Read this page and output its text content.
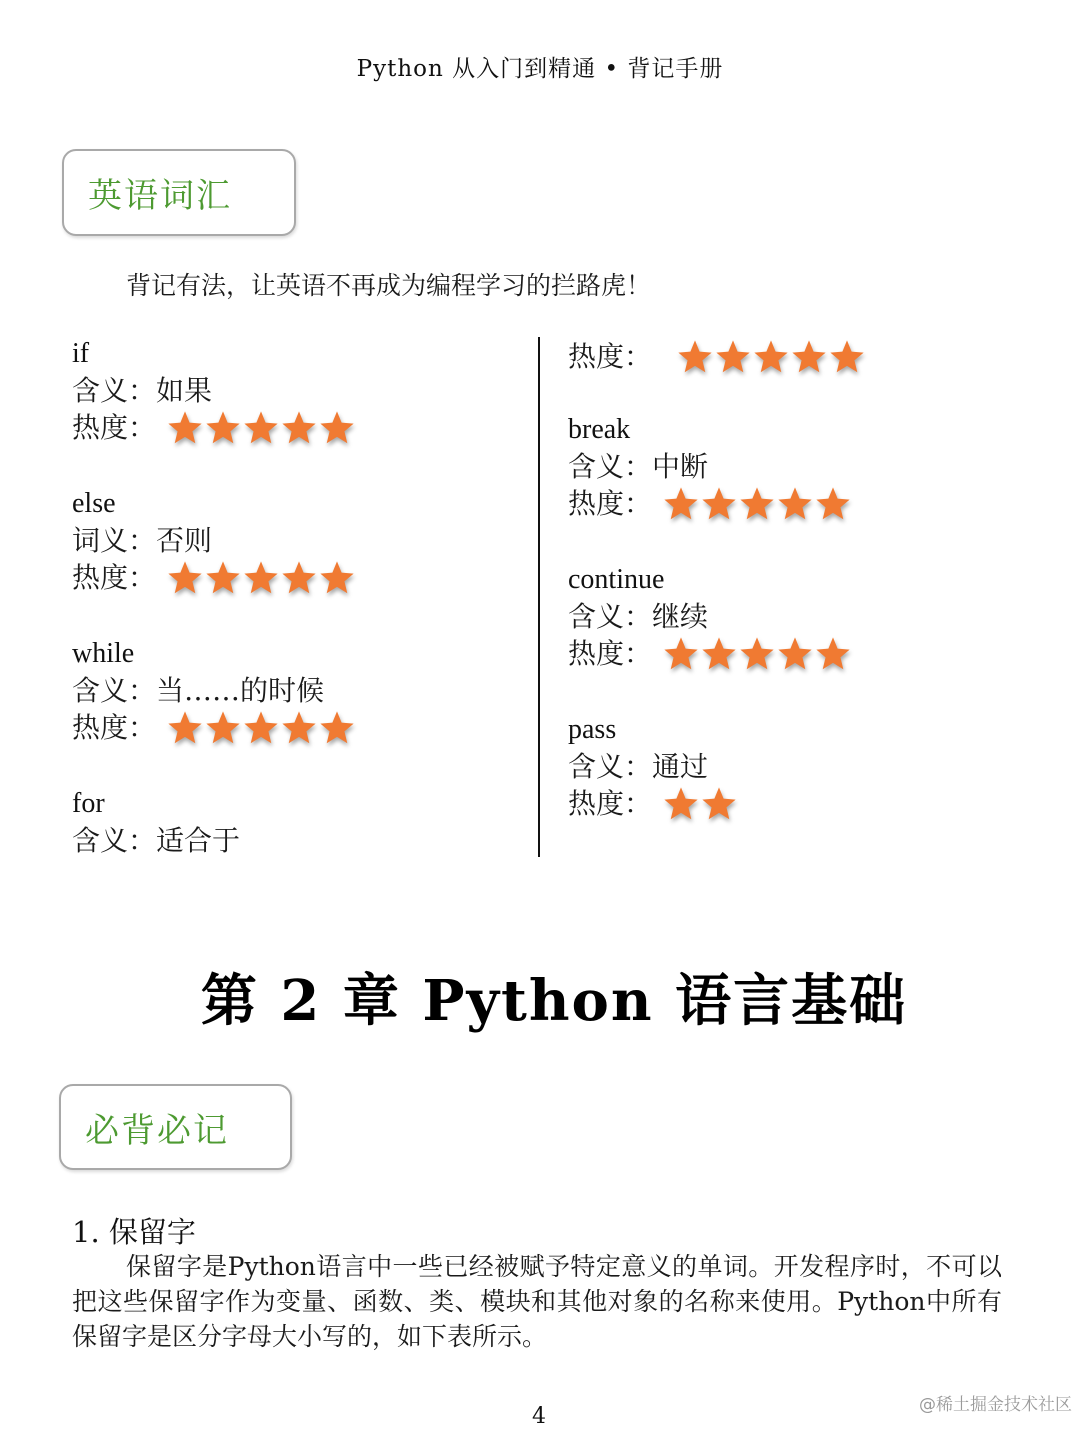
Python 从入门到精通 • 背记手册
英语词汇
背记有法，让英语不再成为编程学习的拦路虎！
if
含义：如果
热度：
else
词义：否则
热度：
while
含义：当……的时候
热度：
for
含义：适合于
热度：
break
含义：中断
热度：
continue
含义：继续
热度：
pass
含义：通过
热度：
第 2 章 Python 语言基础
必背必记
1. 保留字
保留字是Python语言中一些已经被赋予特定意义的单词。开发程序时，不可以把这些保留字作为变量、函数、类、模块和其他对象的名称来使用。Python中所有保留字是区分字母大小写的，如下表所示。
@稀土掘金技术社区
4
